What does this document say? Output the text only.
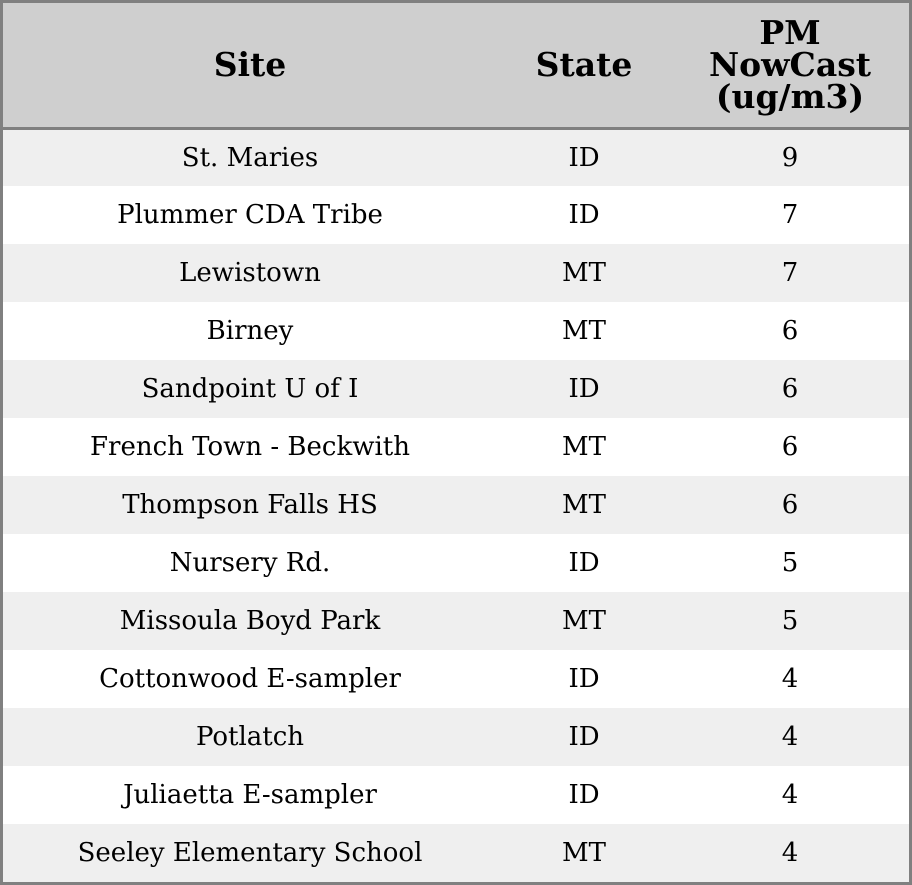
Site	State	PM
NowCast
(ug/m3)
St. Maries	ID	9
Plummer CDA Tribe	ID	7
Lewistown	MT	7
Birney	MT	6
Sandpoint U of I	ID	6
French Town - Beckwith	MT	6
Thompson Falls HS	MT	6
Nursery Rd.	ID	5
Missoula Boyd Park	MT	5
Cottonwood E-sampler	ID	4
Potlatch	ID	4
Juliaetta E-sampler	ID	4
Seeley Elementary School	MT	4
